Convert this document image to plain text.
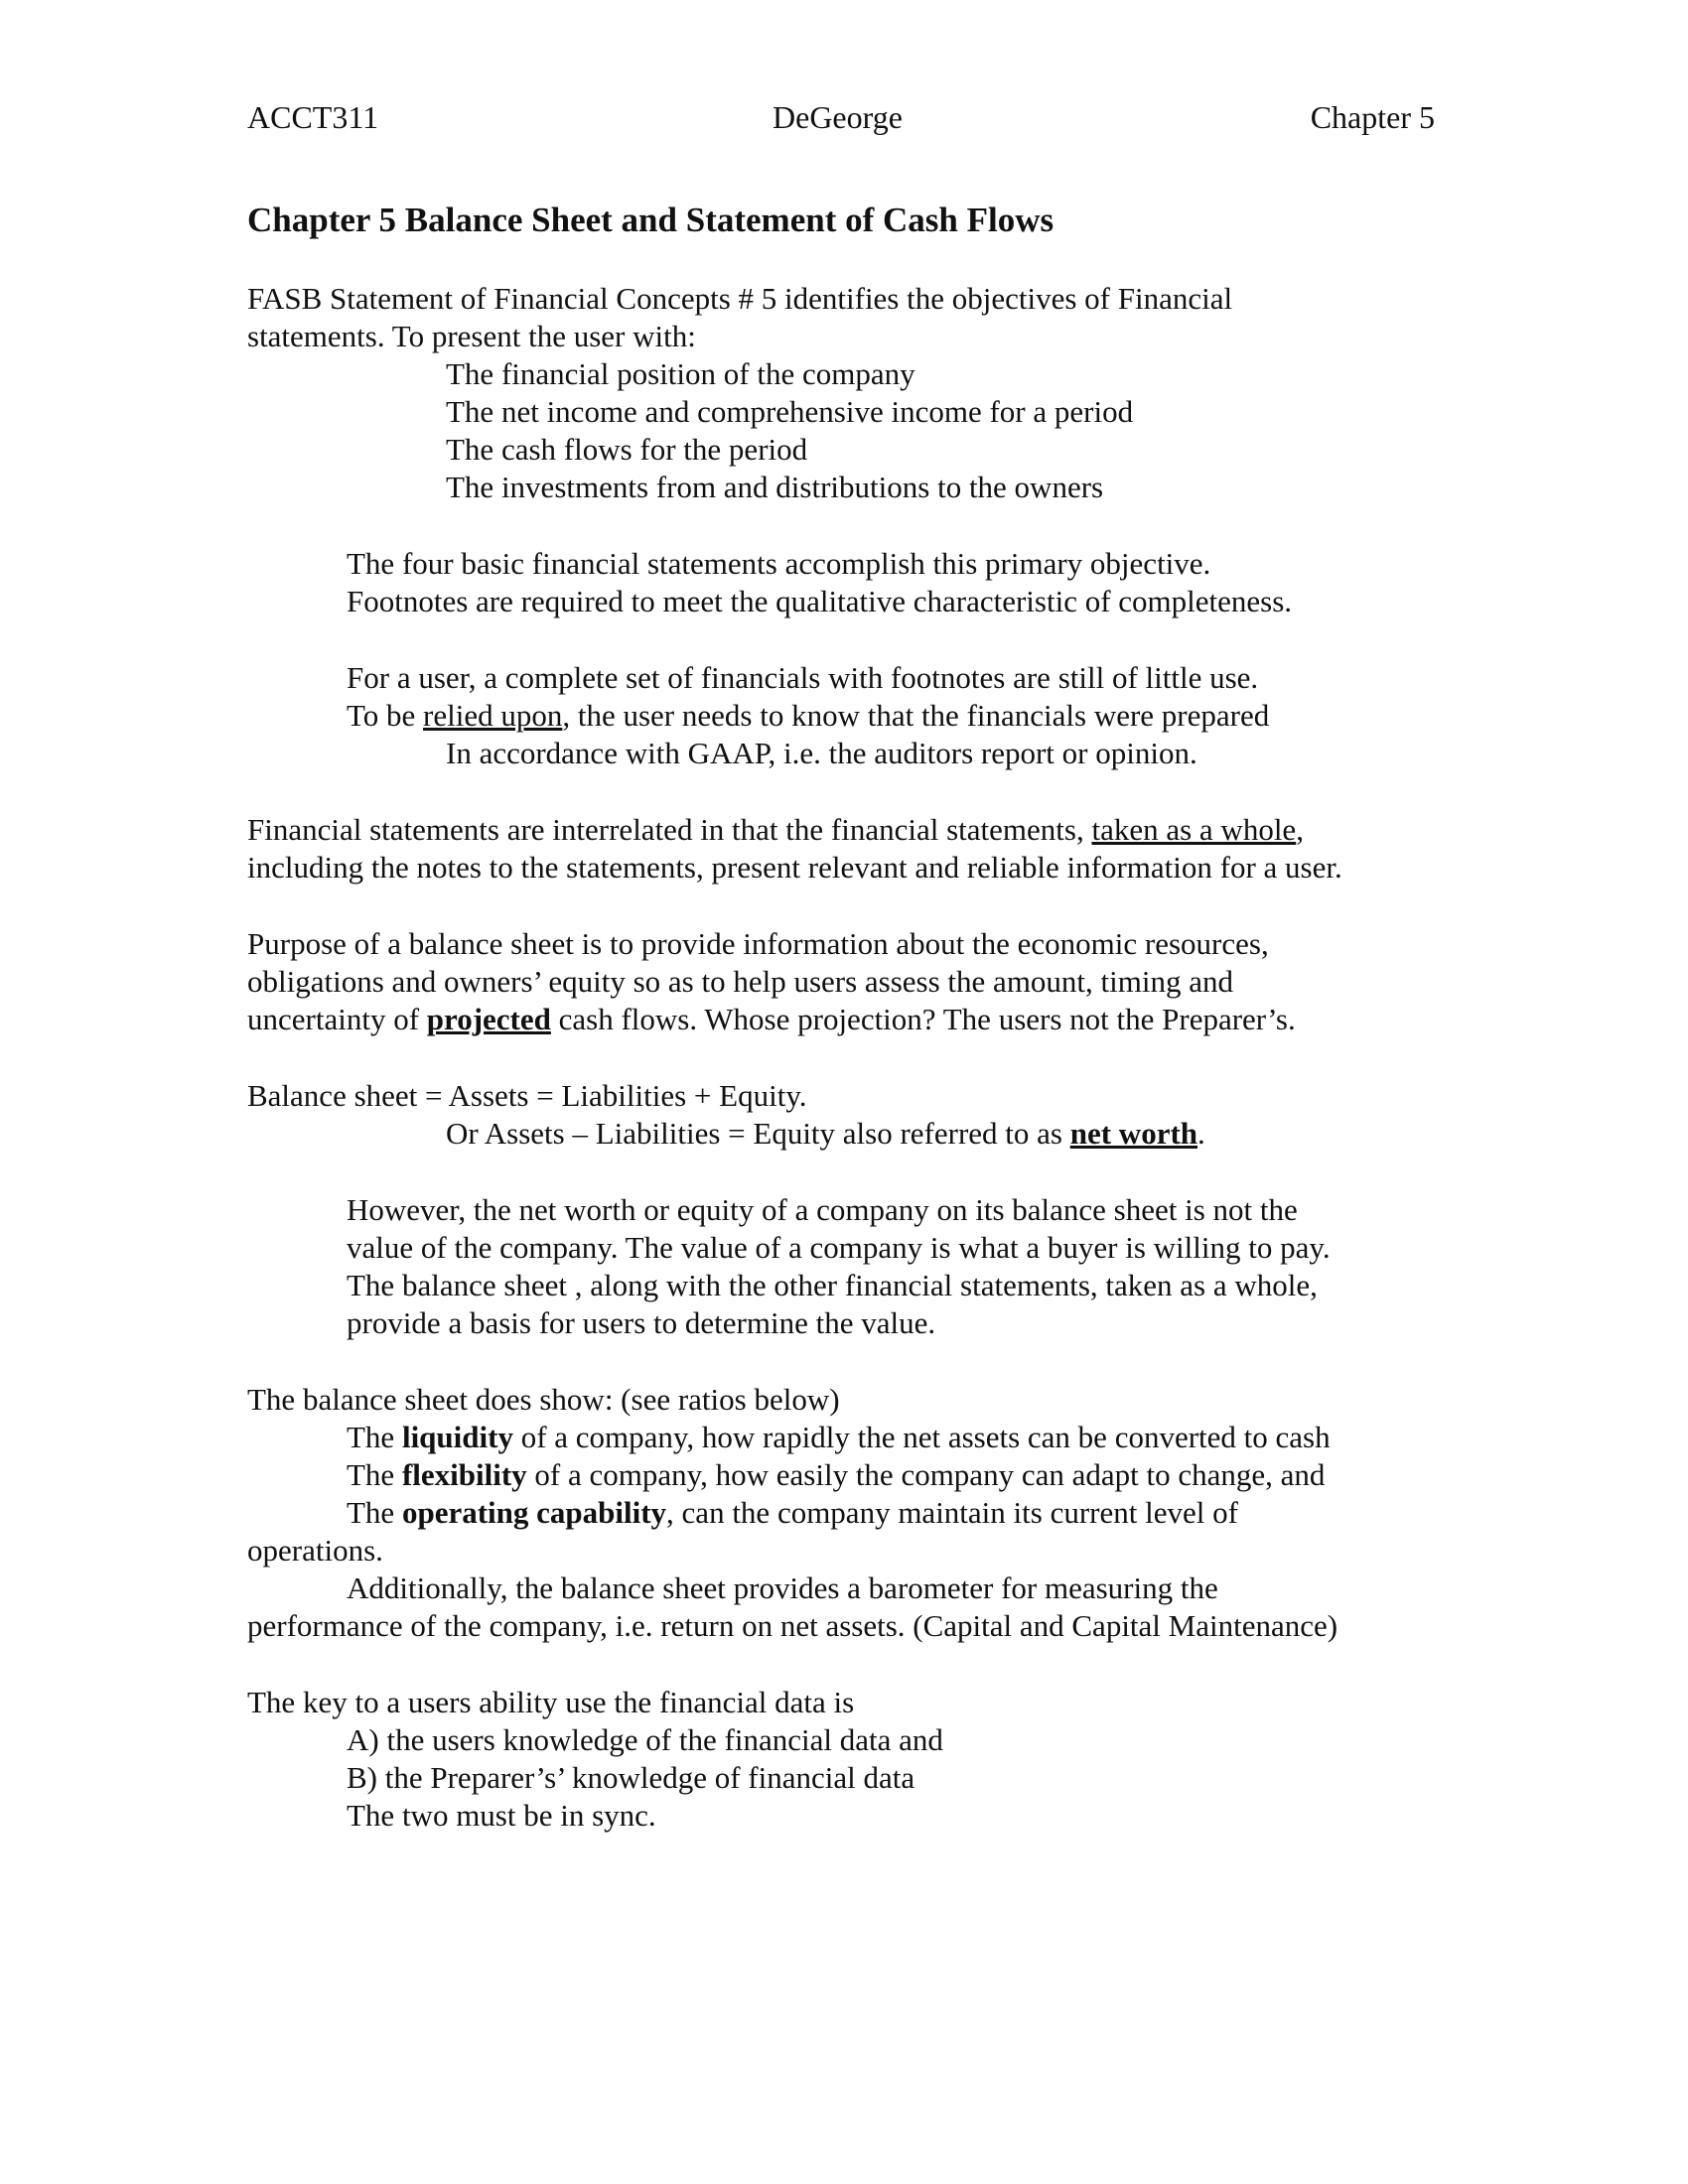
ACCT311	DeGeorge	Chapter 5
Chapter 5 Balance Sheet and Statement of Cash Flows
FASB Statement of Financial Concepts # 5 identifies the objectives of Financial
statements. To present the user with:
The financial position of the company
The net income and comprehensive income for a period
The cash flows for the period
The investments from and distributions to the owners
The four basic financial statements accomplish this primary objective.
Footnotes are required to meet the qualitative characteristic of completeness.
For a user, a complete set of financials with footnotes are still of little use.
To be relied upon, the user needs to know that the financials were prepared
In accordance with GAAP, i.e. the auditors report or opinion.
Financial statements are interrelated in that the financial statements, taken as a whole,
including the notes to the statements, present relevant and reliable information for a user.
Purpose of a balance sheet is to provide information about the economic resources,
obligations and owners’ equity so as to help users assess the amount, timing and
uncertainty of projected cash flows. Whose projection? The users not the Preparer’s.
Balance sheet = Assets = Liabilities + Equity.
Or Assets – Liabilities = Equity also referred to as net worth.
However, the net worth or equity of a company on its balance sheet is not the
value of the company. The value of a company is what a buyer is willing to pay.
The balance sheet , along with the other financial statements, taken as a whole,
provide a basis for users to determine the value.
The balance sheet does show: (see ratios below)
The liquidity of a company, how rapidly the net assets can be converted to cash
The flexibility of a company, how easily the company can adapt to change, and
The operating capability, can the company maintain its current level of
operations.
Additionally, the balance sheet provides a barometer for measuring the
performance of the company, i.e. return on net assets. (Capital and Capital Maintenance)
The key to a users ability use the financial data is
A) the users knowledge of the financial data and
B) the Preparer’s’ knowledge of financial data
The two must be in sync.
